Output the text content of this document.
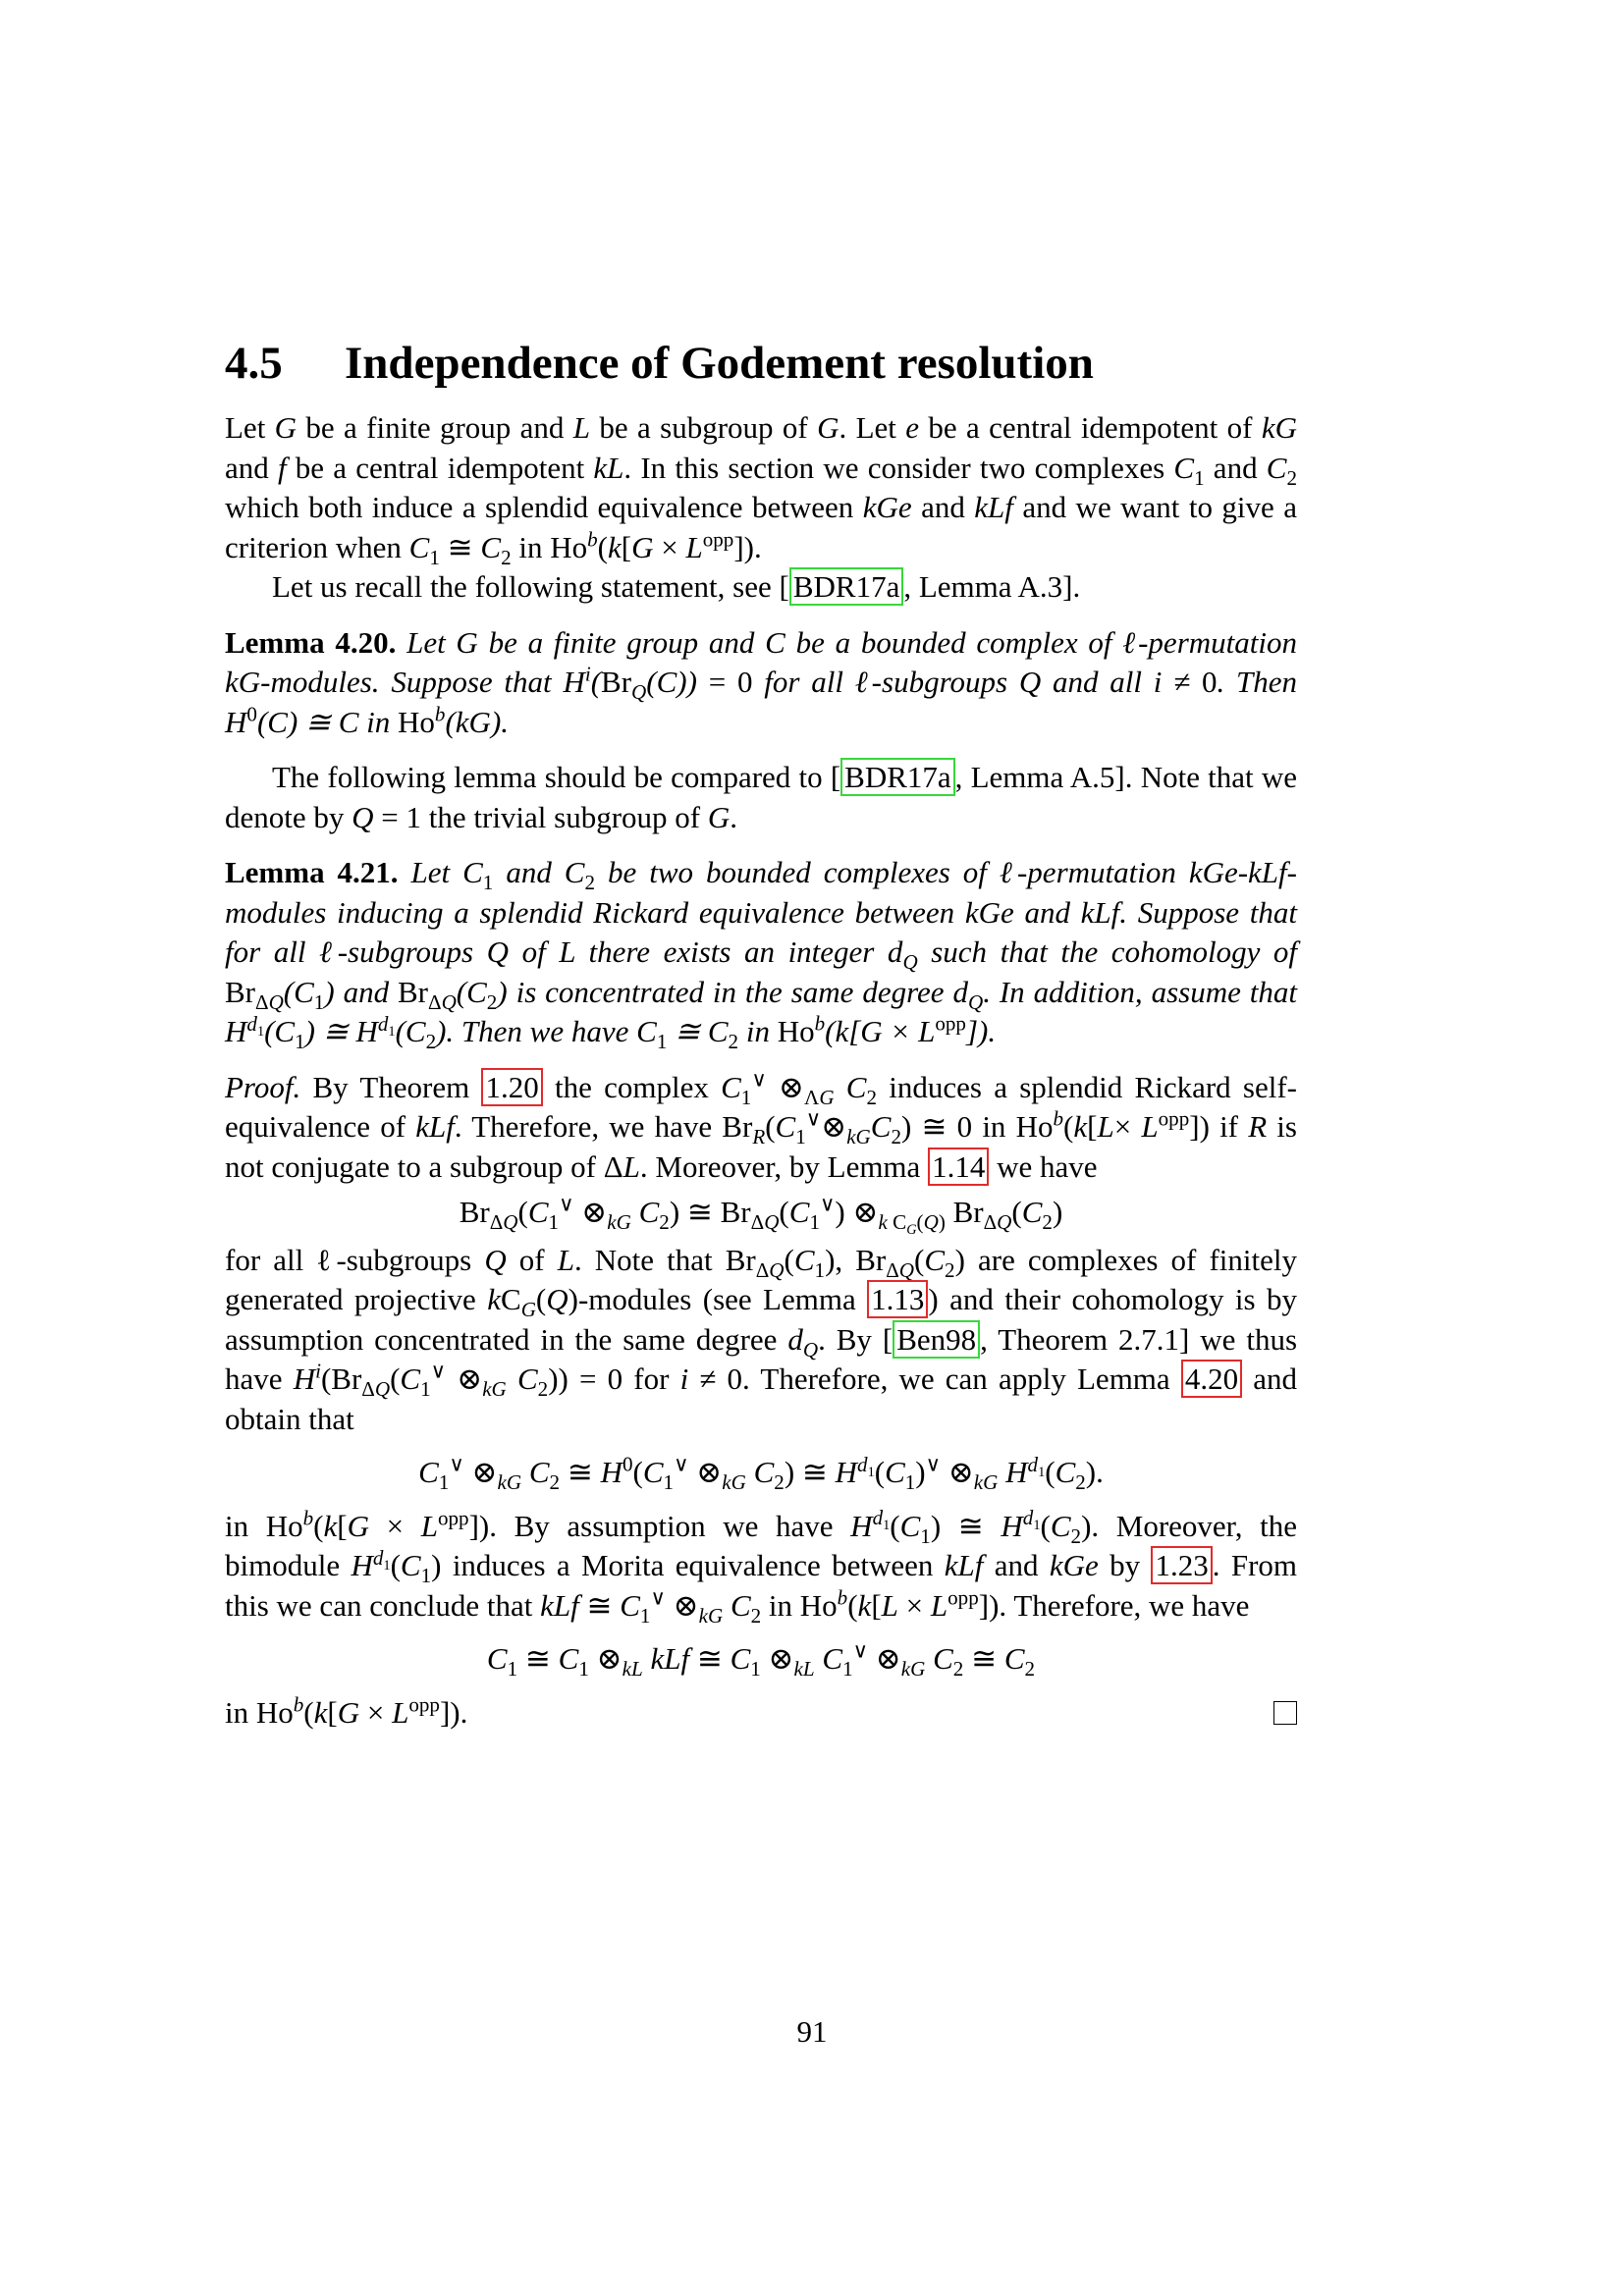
4.5 Independence of Godement resolution

Let G be a finite group and L be a subgroup of G. Let e be a central idempotent of kG and f be a central idempotent kL. In this section we consider two complexes $C_1$ and $C_2$ which both induce a splendid equivalence between kGe and kLf and we want to give a criterion when $C_1$ ≅ $C_2$ in $Ho^b(k[G \times L^{opp}])$.

Let us recall the following statement, see [ BDR17a , Lemma A.3].

Lemma 4.20. Let G be a finite group and C be a bounded complex of ℓ-permutation kG-modules. Suppose that $H^i(Br_Q(C)) = 0$ for all ℓ-subgroups Q and all i ≠ 0. Then $H^0(C)$ ≅ C in Ho$^b$(kG).

The following lemma should be compared to [ BDR17a , Lemma A.5]. Note that we denote by Q = 1 the trivial subgroup of G.

Lemma 4.21. Let $C_1$ and $C_2$ be two bounded complexes of ℓ-permutation kGe-kLf-modules inducing a splendid Rickard equivalence between kGe and kLf. Suppose that for all ℓ-subgroups Q of L there exists an integer $d_Q$ such that the cohomology of $Br_{\Delta Q}(C_1)$ and $Br_{\Delta Q}(C_2)$ is concentrated in the same degree $d_Q$. In addition, assume that $H^{d_1}(C_1)$ ≅ $H^{d_1}(C_2)$. Then we have $C_1$ ≅ $C_2$ in $Ho^b(k[G \times L^{opp}])$.

Proof. By Theorem 1.20 the complex $C_1^\vee$ $\otimes_{\Lambda G}$ $C_2$ induces a splendid Rickard self-equivalence of kLf. Therefore, we have $Br_R(C_1^\vee\otimes_{kG}C_2)$ ≅ 0 in $Ho^b(k[L\times L^{opp}])$ if R is not conjugate to a subgroup of ΔL. Moreover, by Lemma 1.14 we have

$Br_{\Delta Q}(C_1^\vee$ $\otimes_{kG}$ $C_2$) ≅ $Br_{\Delta Q}(C_1^\vee)$ $\otimes_{k C_G(Q)}$ $Br_{\Delta Q}(C_2)$

for all ℓ-subgroups Q of L. Note that $Br_{\Delta Q}(C_1)$, $Br_{\Delta Q}(C_2)$ are complexes of finitely generated projective $kC_G(Q)$-modules (see Lemma 1.13 ) and their cohomology is by assumption concentrated in the same degree $d_Q$. By [ Ben98 , Theorem 2.7.1] we thus have $H^i(Br_{\Delta Q}(C_1^\vee$ $\otimes_{kG}$ $C_2)) = 0$ for i ≠ 0. Therefore, we can apply Lemma 4.20 and obtain that

$C_1^\vee$ $\otimes_{kG}$ $C_2$ ≅ $H^0(C_1^\vee$ $\otimes_{kG}$ $C_2$) ≅ $H^{d_1}(C_1)^\vee$ $\otimes_{kG}$ $H^{d_1}(C_2)$.

in $Ho^b(k[G \times L^{opp}])$. By assumption we have $H^{d_1}(C_1)$ ≅ $H^{d_1}(C_2)$. Moreover, the bimodule $H^{d_1}(C_1)$ induces a Morita equivalence between kLf and kGe by 1.23 . From this we can conclude that kLf ≅ $C_1^\vee$ $\otimes_{kG}$ $C_2$ in $Ho^b(k[L \times L^{opp}])$. Therefore, we have

$C_1$ ≅ $C_1$ $\otimes_{kL}$ kLf ≅ $C_1$ $\otimes_{kL}$ $C_1^\vee$ $\otimes_{kG}$ $C_2$ ≅ $C_2$

in $Ho^b(k[G \times L^{opp}])$.

91
